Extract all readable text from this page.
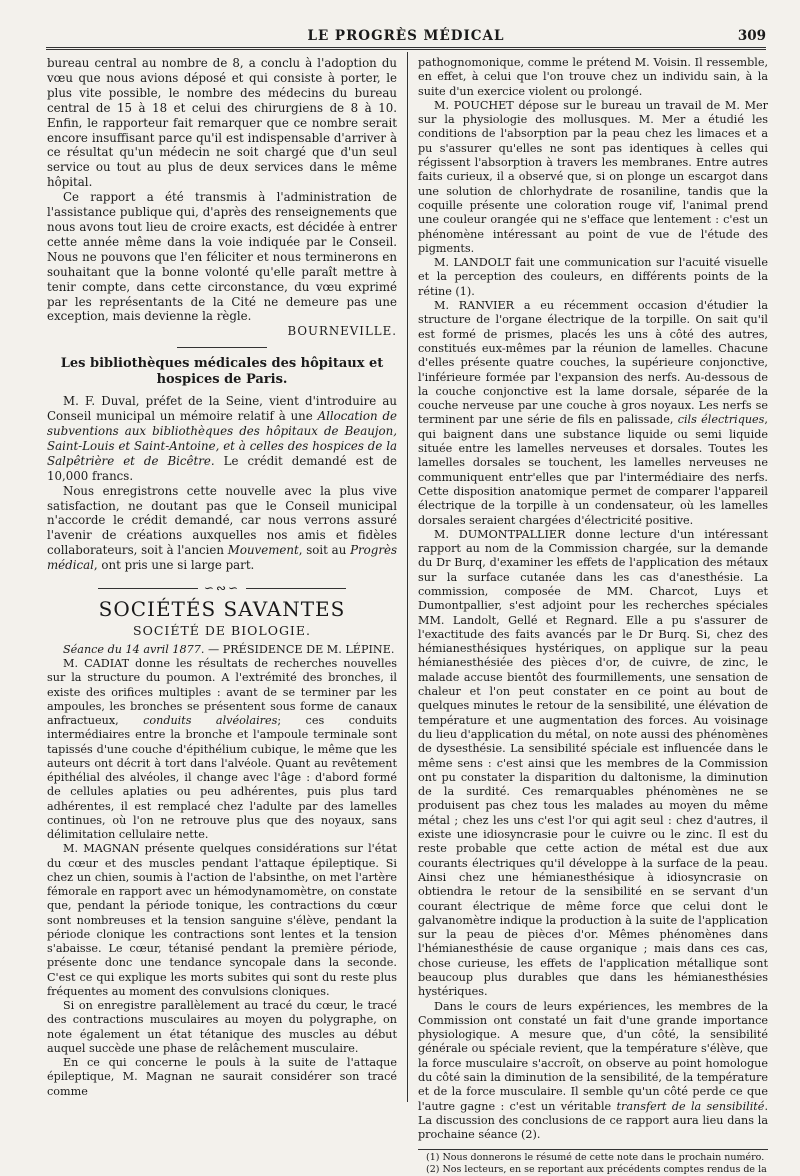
LE PROGRÈS MÉDICAL	309

bureau central au nombre de 8, a conclu à l'adoption du vœu que nous avions déposé et qui consiste à porter, le plus vite possible, le nombre des médecins du bureau central de 15 à 18 et celui des chirurgiens de 8 à 10. Enfin, le rapporteur fait remarquer que ce nombre serait encore insuffisant parce qu'il est indispensable d'arriver à ce résultat qu'un médecin ne soit chargé que d'un seul service ou tout au plus de deux services dans le même hôpital.

Ce rapport a été transmis à l'administration de l'assistance publique qui, d'après des renseignements que nous avons tout lieu de croire exacts, est décidée à entrer cette année même dans la voie indiquée par le Conseil. Nous ne pouvons que l'en féliciter et nous terminerons en souhaitant que la bonne volonté qu'elle paraît mettre à tenir compte, dans cette circonstance, du vœu exprimé par les représentants de la Cité ne demeure pas une exception, mais devienne la règle.

BOURNEVILLE.

Les bibliothèques médicales des hôpitaux et hospices de Paris.

M. F. Duval, préfet de la Seine, vient d'introduire au Conseil municipal un mémoire relatif à une Allocation de subventions aux bibliothèques des hôpitaux de Beaujon, Saint-Louis et Saint-Antoine, et à celles des hospices de la Salpêtrière et de Bicêtre. Le crédit demandé est de 10,000 francs.

Nous enregistrons cette nouvelle avec la plus vive satisfaction, ne doutant pas que le Conseil municipal n'accorde le crédit demandé, car nous verrons assuré l'avenir de créations auxquelles nos amis et fidèles collaborateurs, soit à l'ancien Mouvement, soit au Progrès médical, ont pris une si large part.

∽∾∽
SOCIÉTÉS SAVANTES
SOCIÉTÉ DE BIOLOGIE.

Séance du 14 avril 1877. — PRÉSIDENCE DE M. LÉPINE.

M. CADIAT donne les résultats de recherches nouvelles sur la structure du poumon. A l'extrémité des bronches, il existe des orifices multiples : avant de se terminer par les ampoules, les bronches se présentent sous forme de canaux anfractueux, conduits alvéolaires; ces conduits intermédiaires entre la bronche et l'ampoule terminale sont tapissés d'une couche d'épithélium cubique, le même que les auteurs ont décrit à tort dans l'alvéole. Quant au revêtement épithélial des alvéoles, il change avec l'âge : d'abord formé de cellules aplaties ou peu adhérentes, puis plus tard adhérentes, il est remplacé chez l'adulte par des lamelles continues, où l'on ne retrouve plus que des noyaux, sans délimitation cellulaire nette.

M. MAGNAN présente quelques considérations sur l'état du cœur et des muscles pendant l'attaque épileptique. Si chez un chien, soumis à l'action de l'absinthe, on met l'artère fémorale en rapport avec un hémodynamomètre, on constate que, pendant la période tonique, les contractions du cœur sont nombreuses et la tension sanguine s'élève, pendant la période clonique les contractions sont lentes et la tension s'abaisse. Le cœur, tétanisé pendant la première période, présente donc une tendance syncopale dans la seconde. C'est ce qui explique les morts subites qui sont du reste plus fréquentes au moment des convulsions cloniques.

Si on enregistre parallèlement au tracé du cœur, le tracé des contractions musculaires au moyen du polygraphe, on note également un état tétanique des muscles au début auquel succède une phase de relâchement musculaire.

En ce qui concerne le pouls à la suite de l'attaque épileptique, M. Magnan ne saurait considérer son tracé comme

pathognomonique, comme le prétend M. Voisin. Il ressemble, en effet, à celui que l'on trouve chez un individu sain, à la suite d'un exercice violent ou prolongé.

M. POUCHET dépose sur le bureau un travail de M. Mer sur la physiologie des mollusques. M. Mer a étudié les conditions de l'absorption par la peau chez les limaces et a pu s'assurer qu'elles ne sont pas identiques à celles qui régissent l'absorption à travers les membranes. Entre autres faits curieux, il a observé que, si on plonge un escargot dans une solution de chlorhydrate de rosaniline, tandis que la coquille présente une coloration rouge vif, l'animal prend une couleur orangée qui ne s'efface que lentement : c'est un phénomène intéressant au point de vue de l'étude des pigments.

M. LANDOLT fait une communication sur l'acuité visuelle et la perception des couleurs, en différents points de la rétine (1).

M. RANVIER a eu récemment occasion d'étudier la structure de l'organe électrique de la torpille. On sait qu'il est formé de prismes, placés les uns à côté des autres, constitués eux-mêmes par la réunion de lamelles. Chacune d'elles présente quatre couches, la supérieure conjonctive, l'inférieure formée par l'expansion des nerfs. Au-dessous de la couche conjonctive est la lame dorsale, séparée de la couche nerveuse par une couche à gros noyaux. Les nerfs se terminent par une série de fils en palissade, cils électriques, qui baignent dans une substance liquide ou semi liquide située entre les lamelles nerveuses et dorsales. Toutes les lamelles dorsales se touchent, les lamelles nerveuses ne communiquent entr'elles que par l'intermédiaire des nerfs. Cette disposition anatomique permet de comparer l'appareil électrique de la torpille à un condensateur, où les lamelles dorsales seraient chargées d'électricité positive.

M. DUMONTPALLIER donne lecture d'un intéressant rapport au nom de la Commission chargée, sur la demande du Dr Burq, d'examiner les effets de l'application des métaux sur la surface cutanée dans les cas d'anesthésie. La commission, composée de MM. Charcot, Luys et Dumontpallier, s'est adjoint pour les recherches spéciales MM. Landolt, Gellé et Regnard. Elle a pu s'assurer de l'exactitude des faits avancés par le Dr Burq. Si, chez des hémianesthésiques hystériques, on applique sur la peau hémianesthésiée des pièces d'or, de cuivre, de zinc, le malade accuse bientôt des fourmillements, une sensation de chaleur et l'on peut constater en ce point au bout de quelques minutes le retour de la sensibilité, une élévation de température et une augmentation des forces. Au voisinage du lieu d'application du métal, on note aussi des phénomènes de dysesthésie. La sensibilité spéciale est influencée dans le même sens : c'est ainsi que les membres de la Commission ont pu constater la disparition du daltonisme, la diminution de la surdité. Ces remarquables phénomènes ne se produisent pas chez tous les malades au moyen du même métal ; chez les uns c'est l'or qui agit seul : chez d'autres, il existe une idiosyncrasie pour le cuivre ou le zinc. Il est du reste probable que cette action de métal est due aux courants électriques qu'il développe à la surface de la peau. Ainsi chez une hémianesthésique à idiosyncrasie on obtiendra le retour de la sensibilité en se servant d'un courant électrique de même force que celui dont le galvanomètre indique la production à la suite de l'application sur la peau de pièces d'or. Mêmes phénomènes dans l'hémianesthésie de cause organique ; mais dans ces cas, chose curieuse, les effets de l'application métallique sont beaucoup plus durables que dans les hémianesthésies hystériques.

Dans le cours de leurs expériences, les membres de la Commission ont constaté un fait d'une grande importance physiologique. A mesure que, d'un côté, la sensibilité générale ou spéciale revient, que la température s'élève, que la force musculaire s'accroît, on observe au point homologue du côté sain la diminution de la sensibilité, de la température et de la force musculaire. Il semble qu'un côté perde ce que l'autre gagne : c'est un véritable transfert de la sensibilité. La discussion des conclusions de ce rapport aura lieu dans la prochaine séance (2).

(1) Nous donnerons le résumé de cette note dans le prochain numéro.

(2) Nos lecteurs, en se reportant aux précédents comptes rendus de la
